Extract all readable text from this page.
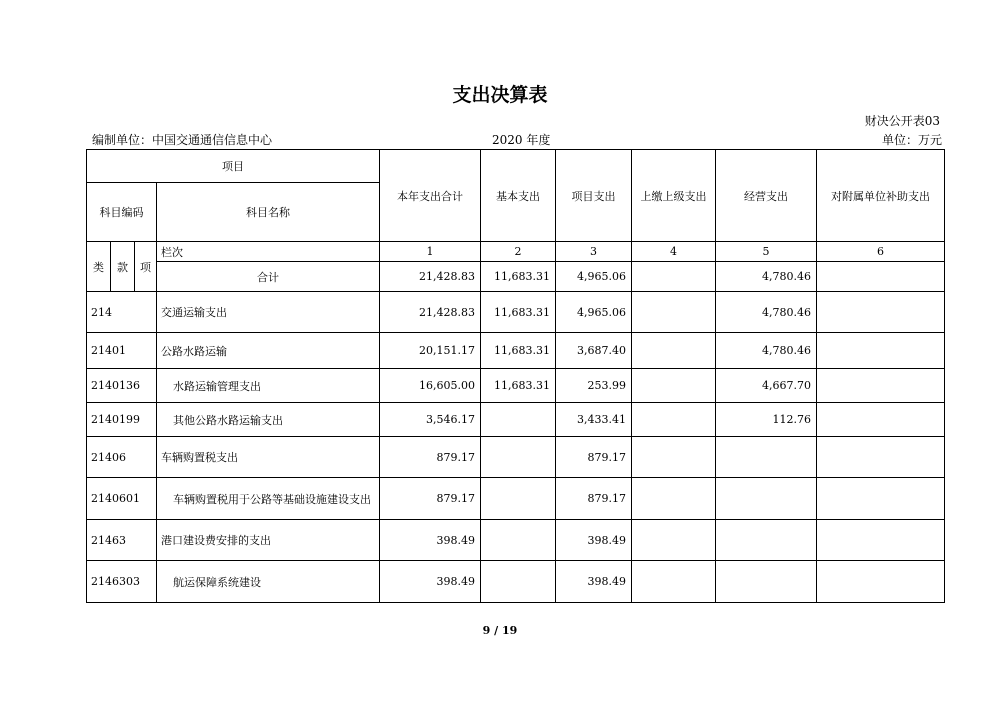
支出决算表
财决公开表03
编制单位：中国交通通信信息中心	2020 年度	单位：万元
项目				本年支出合计	基本支出	项目支出	上缴上级支出	经营支出	对附属单位补助支出
科目编码			科目名称						

类	款	项	栏次	1	2	3	4	5	6
			合计	21,428.83	11,683.31	4,965.06		4,780.46	
214			交通运输支出	21,428.83	11,683.31	4,965.06		4,780.46	
21401			公路水路运输	20,151.17	11,683.31	3,687.40		4,780.46	
2140136			水路运输管理支出	16,605.00	11,683.31	253.99		4,667.70	
2140199			其他公路水路运输支出	3,546.17		3,433.41		112.76	
21406			车辆购置税支出	879.17		879.17			
2140601			车辆购置税用于公路等基础设施建设支出	879.17		879.17			
21463			港口建设费安排的支出	398.49		398.49			
2146303			航运保障系统建设	398.49		398.49			
9 / 19
